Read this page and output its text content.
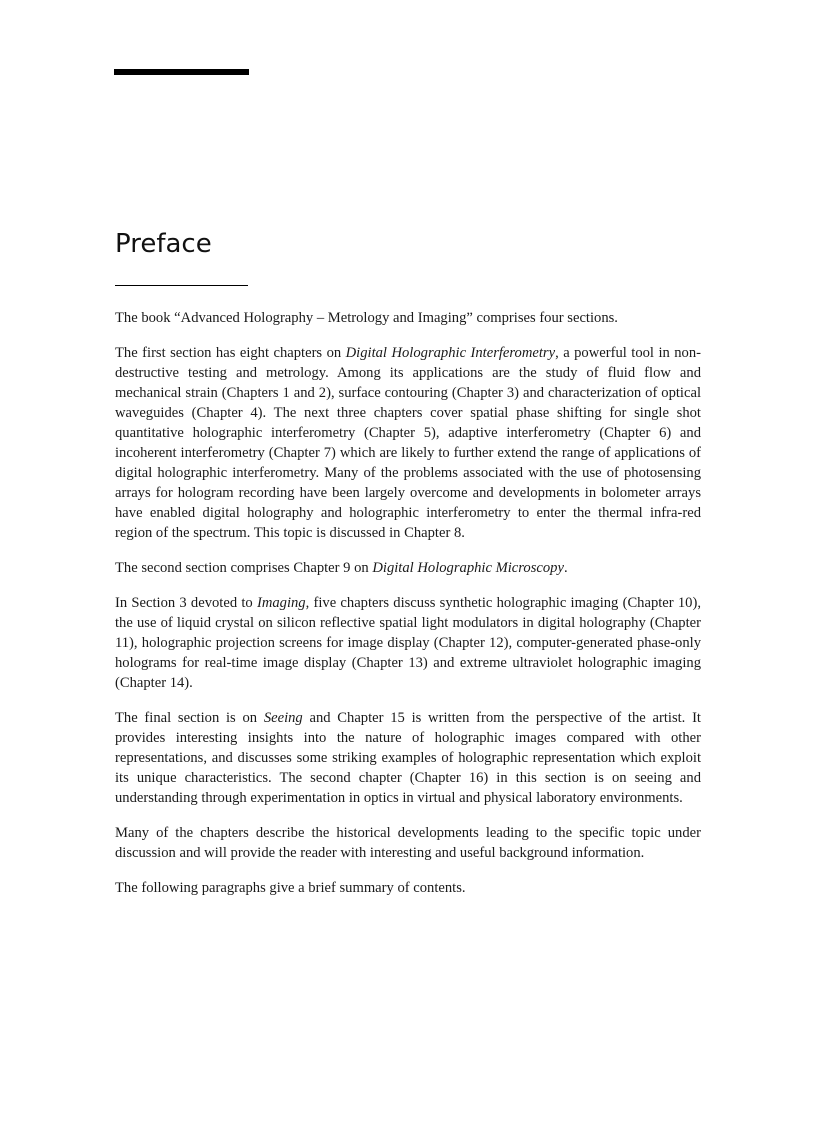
Preface

The book “Advanced Holography – Metrology and Imaging” comprises four sections.

The first section has eight chapters on Digital Holographic Interferometry, a powerful tool in non-destructive testing and metrology. Among its applications are the study of fluid flow and mechanical strain (Chapters 1 and 2), surface contouring (Chapter 3) and characterization of optical waveguides (Chapter 4). The next three chapters cover spatial phase shifting for single shot quantitative holographic interferometry (Chapter 5), adaptive interferometry (Chapter 6) and incoherent interferometry (Chapter 7) which are likely to further extend the range of applications of digital holographic interferometry. Many of the problems associated with the use of photosensing arrays for hologram recording have been largely overcome and developments in bolometer arrays have enabled digital holography and holographic interferometry to enter the thermal infra-red region of the spectrum. This topic is discussed in Chapter 8.

The second section comprises Chapter 9 on Digital Holographic Microscopy.

In Section 3 devoted to Imaging, five chapters discuss synthetic holographic imaging (Chapter 10), the use of liquid crystal on silicon reflective spatial light modulators in digital holography (Chapter 11), holographic projection screens for image display (Chapter 12), computer-generated phase-only holograms for real-time image display (Chapter 13) and extreme ultraviolet holographic imaging (Chapter 14).

The final section is on Seeing and Chapter 15 is written from the perspective of the artist. It provides interesting insights into the nature of holographic images compared with other representations, and discusses some striking examples of holographic representation which exploit its unique characteristics. The second chapter (Chapter 16) in this section is on seeing and understanding through experimentation in optics in virtual and physical laboratory environments.

Many of the chapters describe the historical developments leading to the specific topic under discussion and will provide the reader with interesting and useful background information.

The following paragraphs give a brief summary of contents.
